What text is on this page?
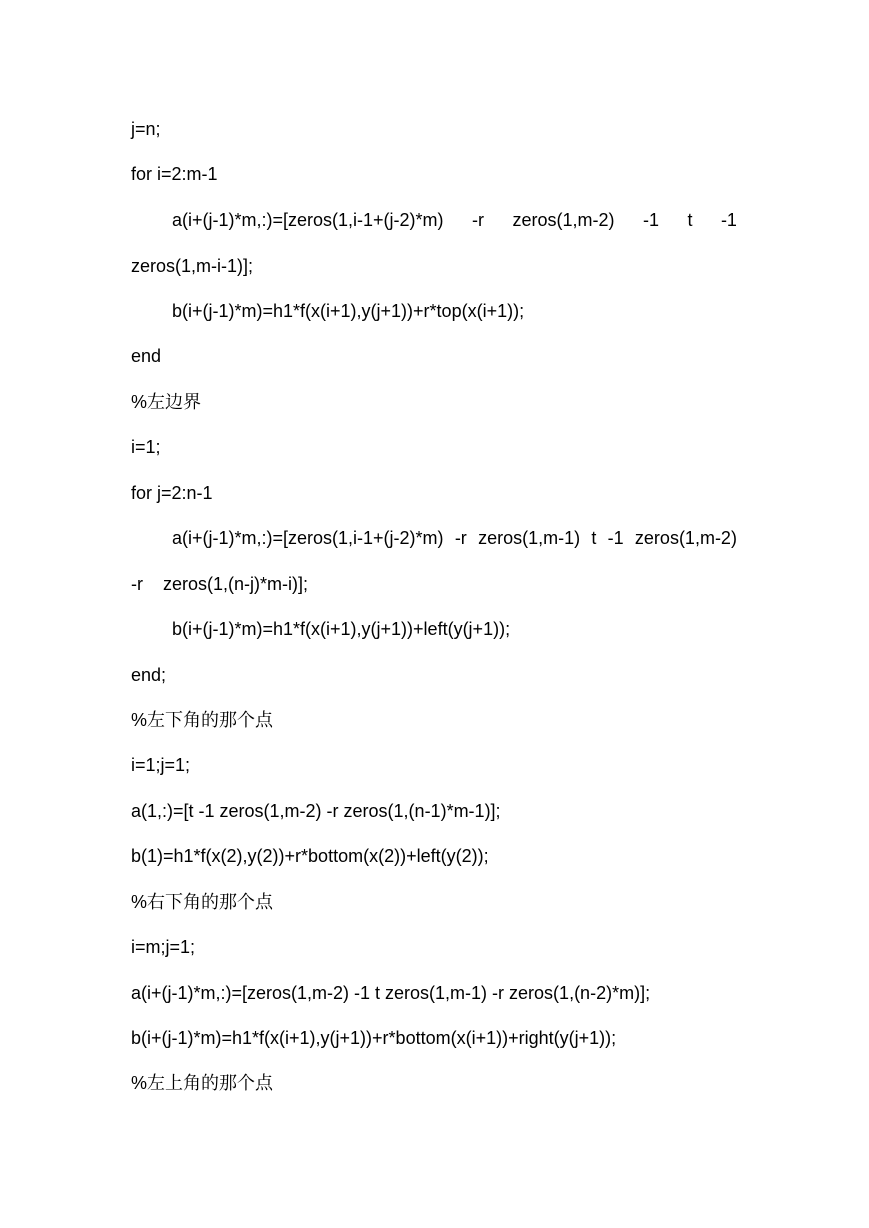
j=n;
for i=2:m-1
a(i+(j-1)*m,:)=[zeros(1,i-1+(j-2)*m) -r zeros(1,m-2) -1 t -1
zeros(1,m-i-1)];
b(i+(j-1)*m)=h1*f(x(i+1),y(j+1))+r*top(x(i+1));
end
%左边界
i=1;
for j=2:n-1
a(i+(j-1)*m,:)=[zeros(1,i-1+(j-2)*m) -r zeros(1,m-1) t -1 zeros(1,m-2)
-r    zeros(1,(n-j)*m-i)];
b(i+(j-1)*m)=h1*f(x(i+1),y(j+1))+left(y(j+1));
end;
%左下角的那个点
i=1;j=1;
a(1,:)=[t -1 zeros(1,m-2) -r zeros(1,(n-1)*m-1)];
b(1)=h1*f(x(2),y(2))+r*bottom(x(2))+left(y(2));
%右下角的那个点
i=m;j=1;
a(i+(j-1)*m,:)=[zeros(1,m-2) -1 t zeros(1,m-1) -r zeros(1,(n-2)*m)];
b(i+(j-1)*m)=h1*f(x(i+1),y(j+1))+r*bottom(x(i+1))+right(y(j+1));
%左上角的那个点
